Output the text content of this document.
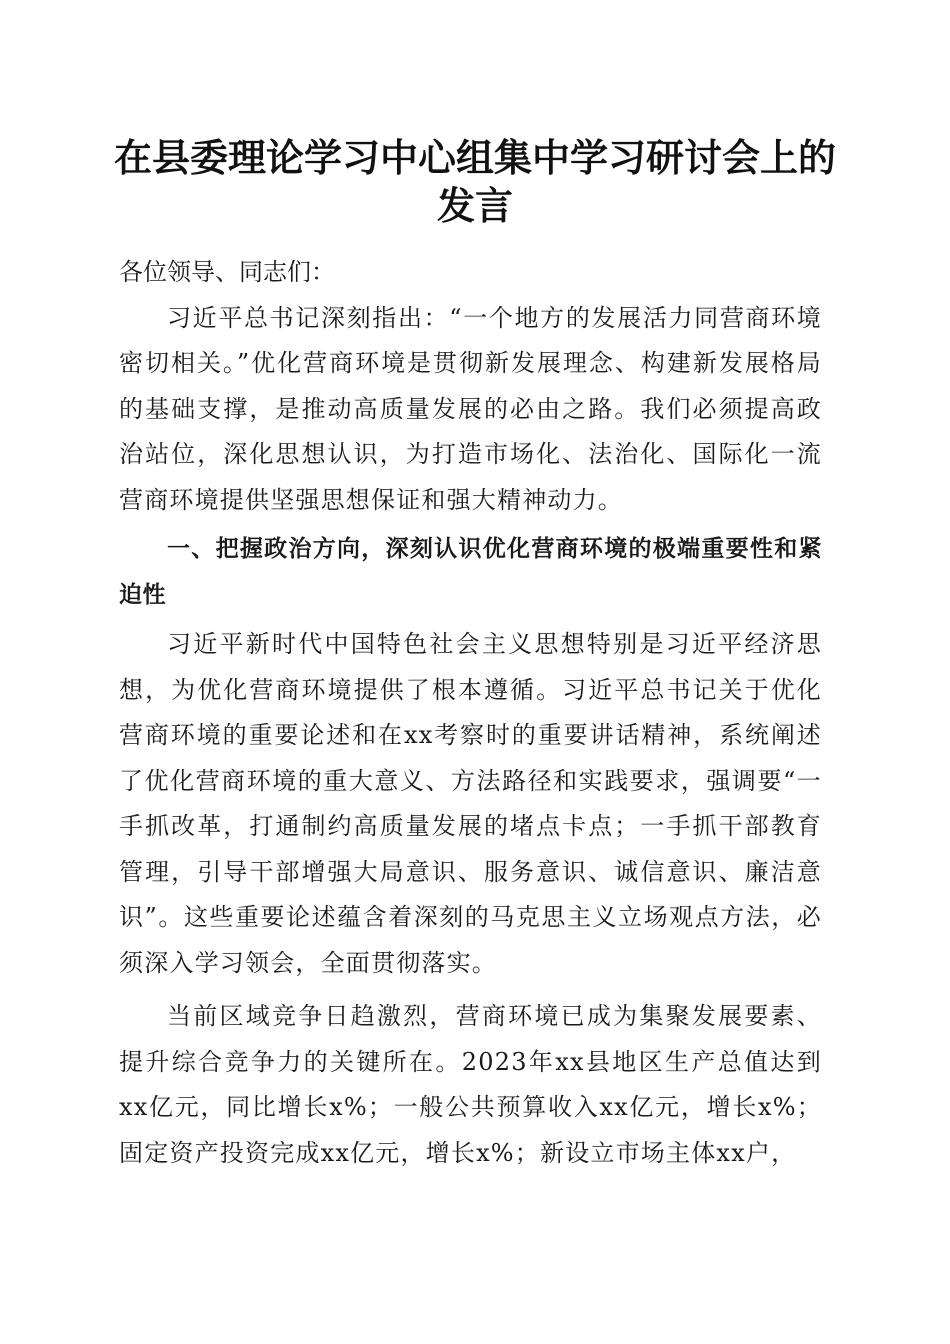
在县委理论学习中心组集中学习研讨会上的发言

各位领导、同志们：

习近平总书记深刻指出：“一个地方的发展活力同营商环境密切相关。”优化营商环境是贯彻新发展理念、构建新发展格局的基础支撑，是推动高质量发展的必由之路。我们必须提高政治站位，深化思想认识，为打造市场化、法治化、国际化一流营商环境提供坚强思想保证和强大精神动力。

一、把握政治方向，深刻认识优化营商环境的极端重要性和紧迫性

习近平新时代中国特色社会主义思想特别是习近平经济思想，为优化营商环境提供了根本遵循。习近平总书记关于优化营商环境的重要论述和在xx考察时的重要讲话精神，系统阐述了优化营商环境的重大意义、方法路径和实践要求，强调要“一手抓改革，打通制约高质量发展的堵点卡点；一手抓干部教育管理，引导干部增强大局意识、服务意识、诚信意识、廉洁意识”。这些重要论述蕴含着深刻的马克思主义立场观点方法，必须深入学习领会，全面贯彻落实。

当前区域竞争日趋激烈，营商环境已成为集聚发展要素、提升综合竞争力的关键所在。2023年xx县地区生产总值达到xx亿元，同比增长x%；一般公共预算收入xx亿元，增长x%；固定资产投资完成xx亿元，增长x%；新设立市场主体xx户，
